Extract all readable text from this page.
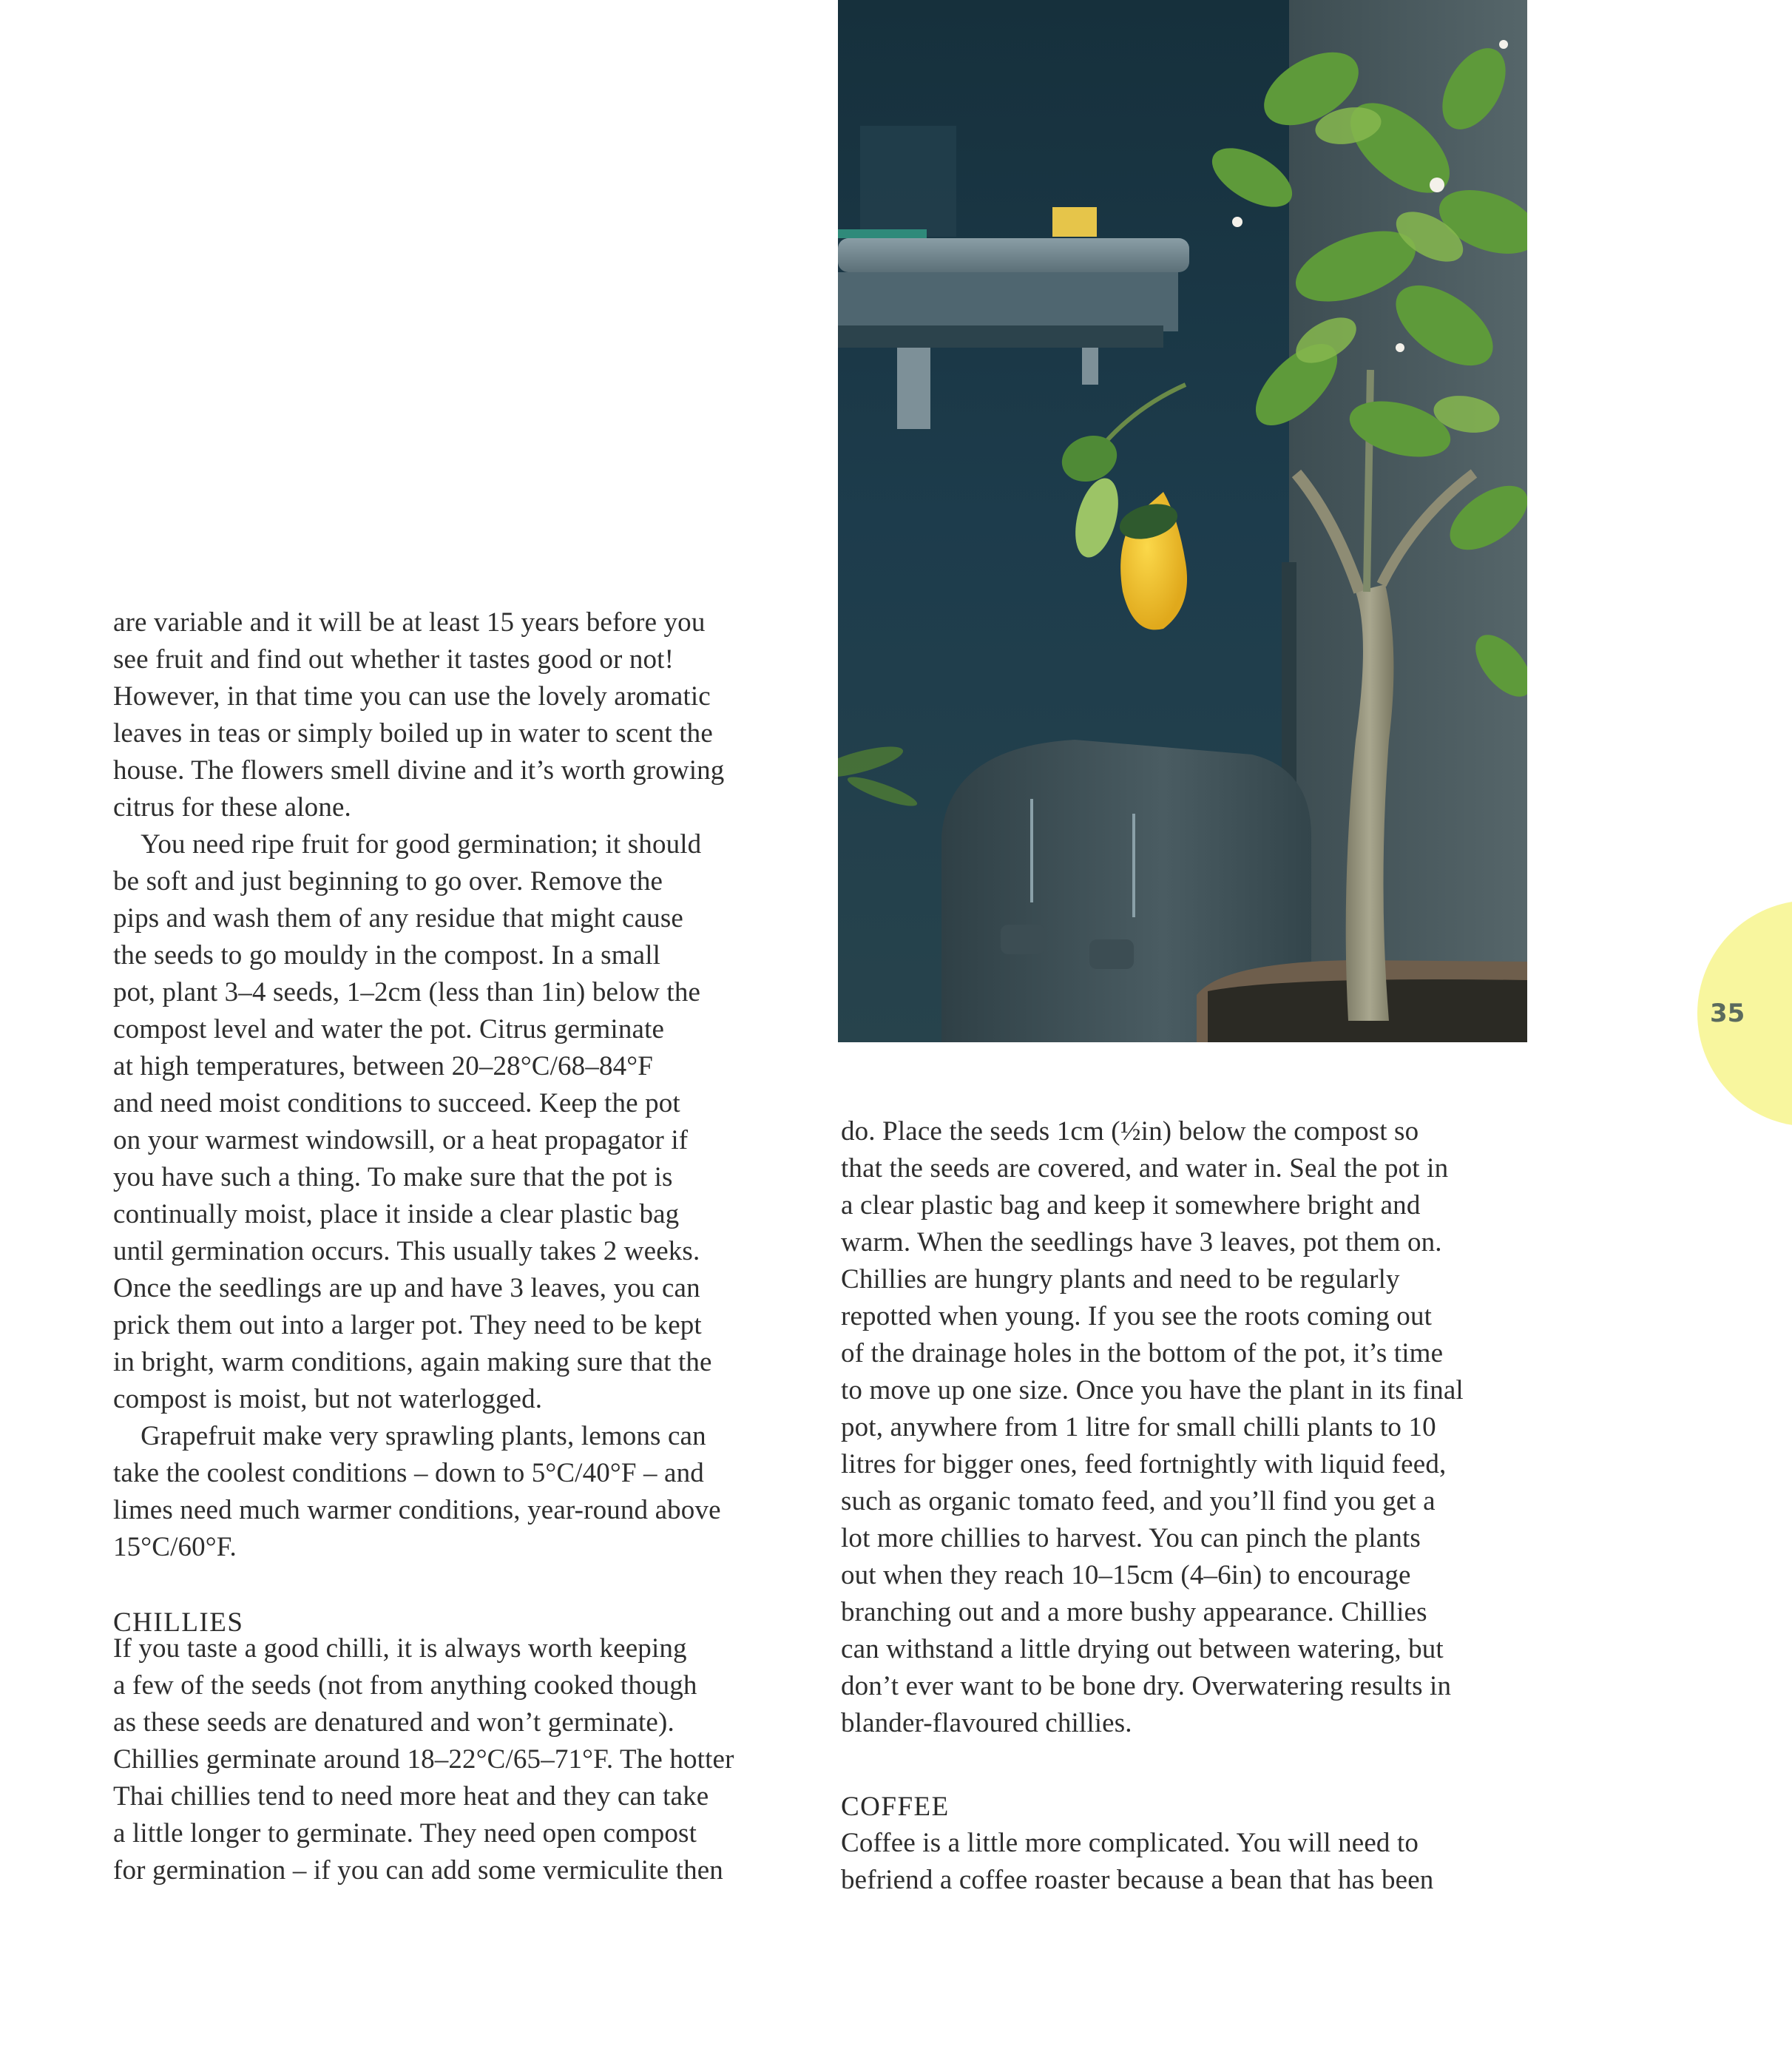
are variable and it will be at least 15 years before you
see fruit and find out whether it tastes good or not!
However, in that time you can use the lovely aromatic
leaves in teas or simply boiled up in water to scent the
house. The flowers smell divine and it’s worth growing
citrus for these alone.
 You need ripe fruit for good germination; it should
be soft and just beginning to go over. Remove the
pips and wash them of any residue that might cause
the seeds to go mouldy in the compost. In a small
pot, plant 3–4 seeds, 1–2cm (less than 1in) below the
compost level and water the pot. Citrus germinate
at high temperatures, between 20–28°C/68–84°F
and need moist conditions to succeed. Keep the pot
on your warmest windowsill, or a heat propagator if
you have such a thing. To make sure that the pot is
continually moist, place it inside a clear plastic bag
until germination occurs. This usually takes 2 weeks.
Once the seedlings are up and have 3 leaves, you can
prick them out into a larger pot. They need to be kept
in bright, warm conditions, again making sure that the
compost is moist, but not waterlogged.
 Grapefruit make very sprawling plants, lemons can
take the coolest conditions – down to 5°C/40°F – and
limes need much warmer conditions, year-round above
15°C/60°F.
CHILLIES
If you taste a good chilli, it is always worth keeping
a few of the seeds (not from anything cooked though
as these seeds are denatured and won’t germinate).
Chillies germinate around 18–22°C/65–71°F. The hotter
Thai chillies tend to need more heat and they can take
a little longer to germinate. They need open compost
for germination – if you can add some vermiculite then
do. Place the seeds 1cm (½in) below the compost so
that the seeds are covered, and water in. Seal the pot in
a clear plastic bag and keep it somewhere bright and
warm. When the seedlings have 3 leaves, pot them on.
Chillies are hungry plants and need to be regularly
repotted when young. If you see the roots coming out
of the drainage holes in the bottom of the pot, it’s time
to move up one size. Once you have the plant in its final
pot, anywhere from 1 litre for small chilli plants to 10
litres for bigger ones, feed fortnightly with liquid feed,
such as organic tomato feed, and you’ll find you get a
lot more chillies to harvest. You can pinch the plants
out when they reach 10–15cm (4–6in) to encourage
branching out and a more bushy appearance. Chillies
can withstand a little drying out between watering, but
don’t ever want to be bone dry. Overwatering results in
blander-flavoured chillies.
COFFEE
Coffee is a little more complicated. You will need to
befriend a coffee roaster because a bean that has been
35
